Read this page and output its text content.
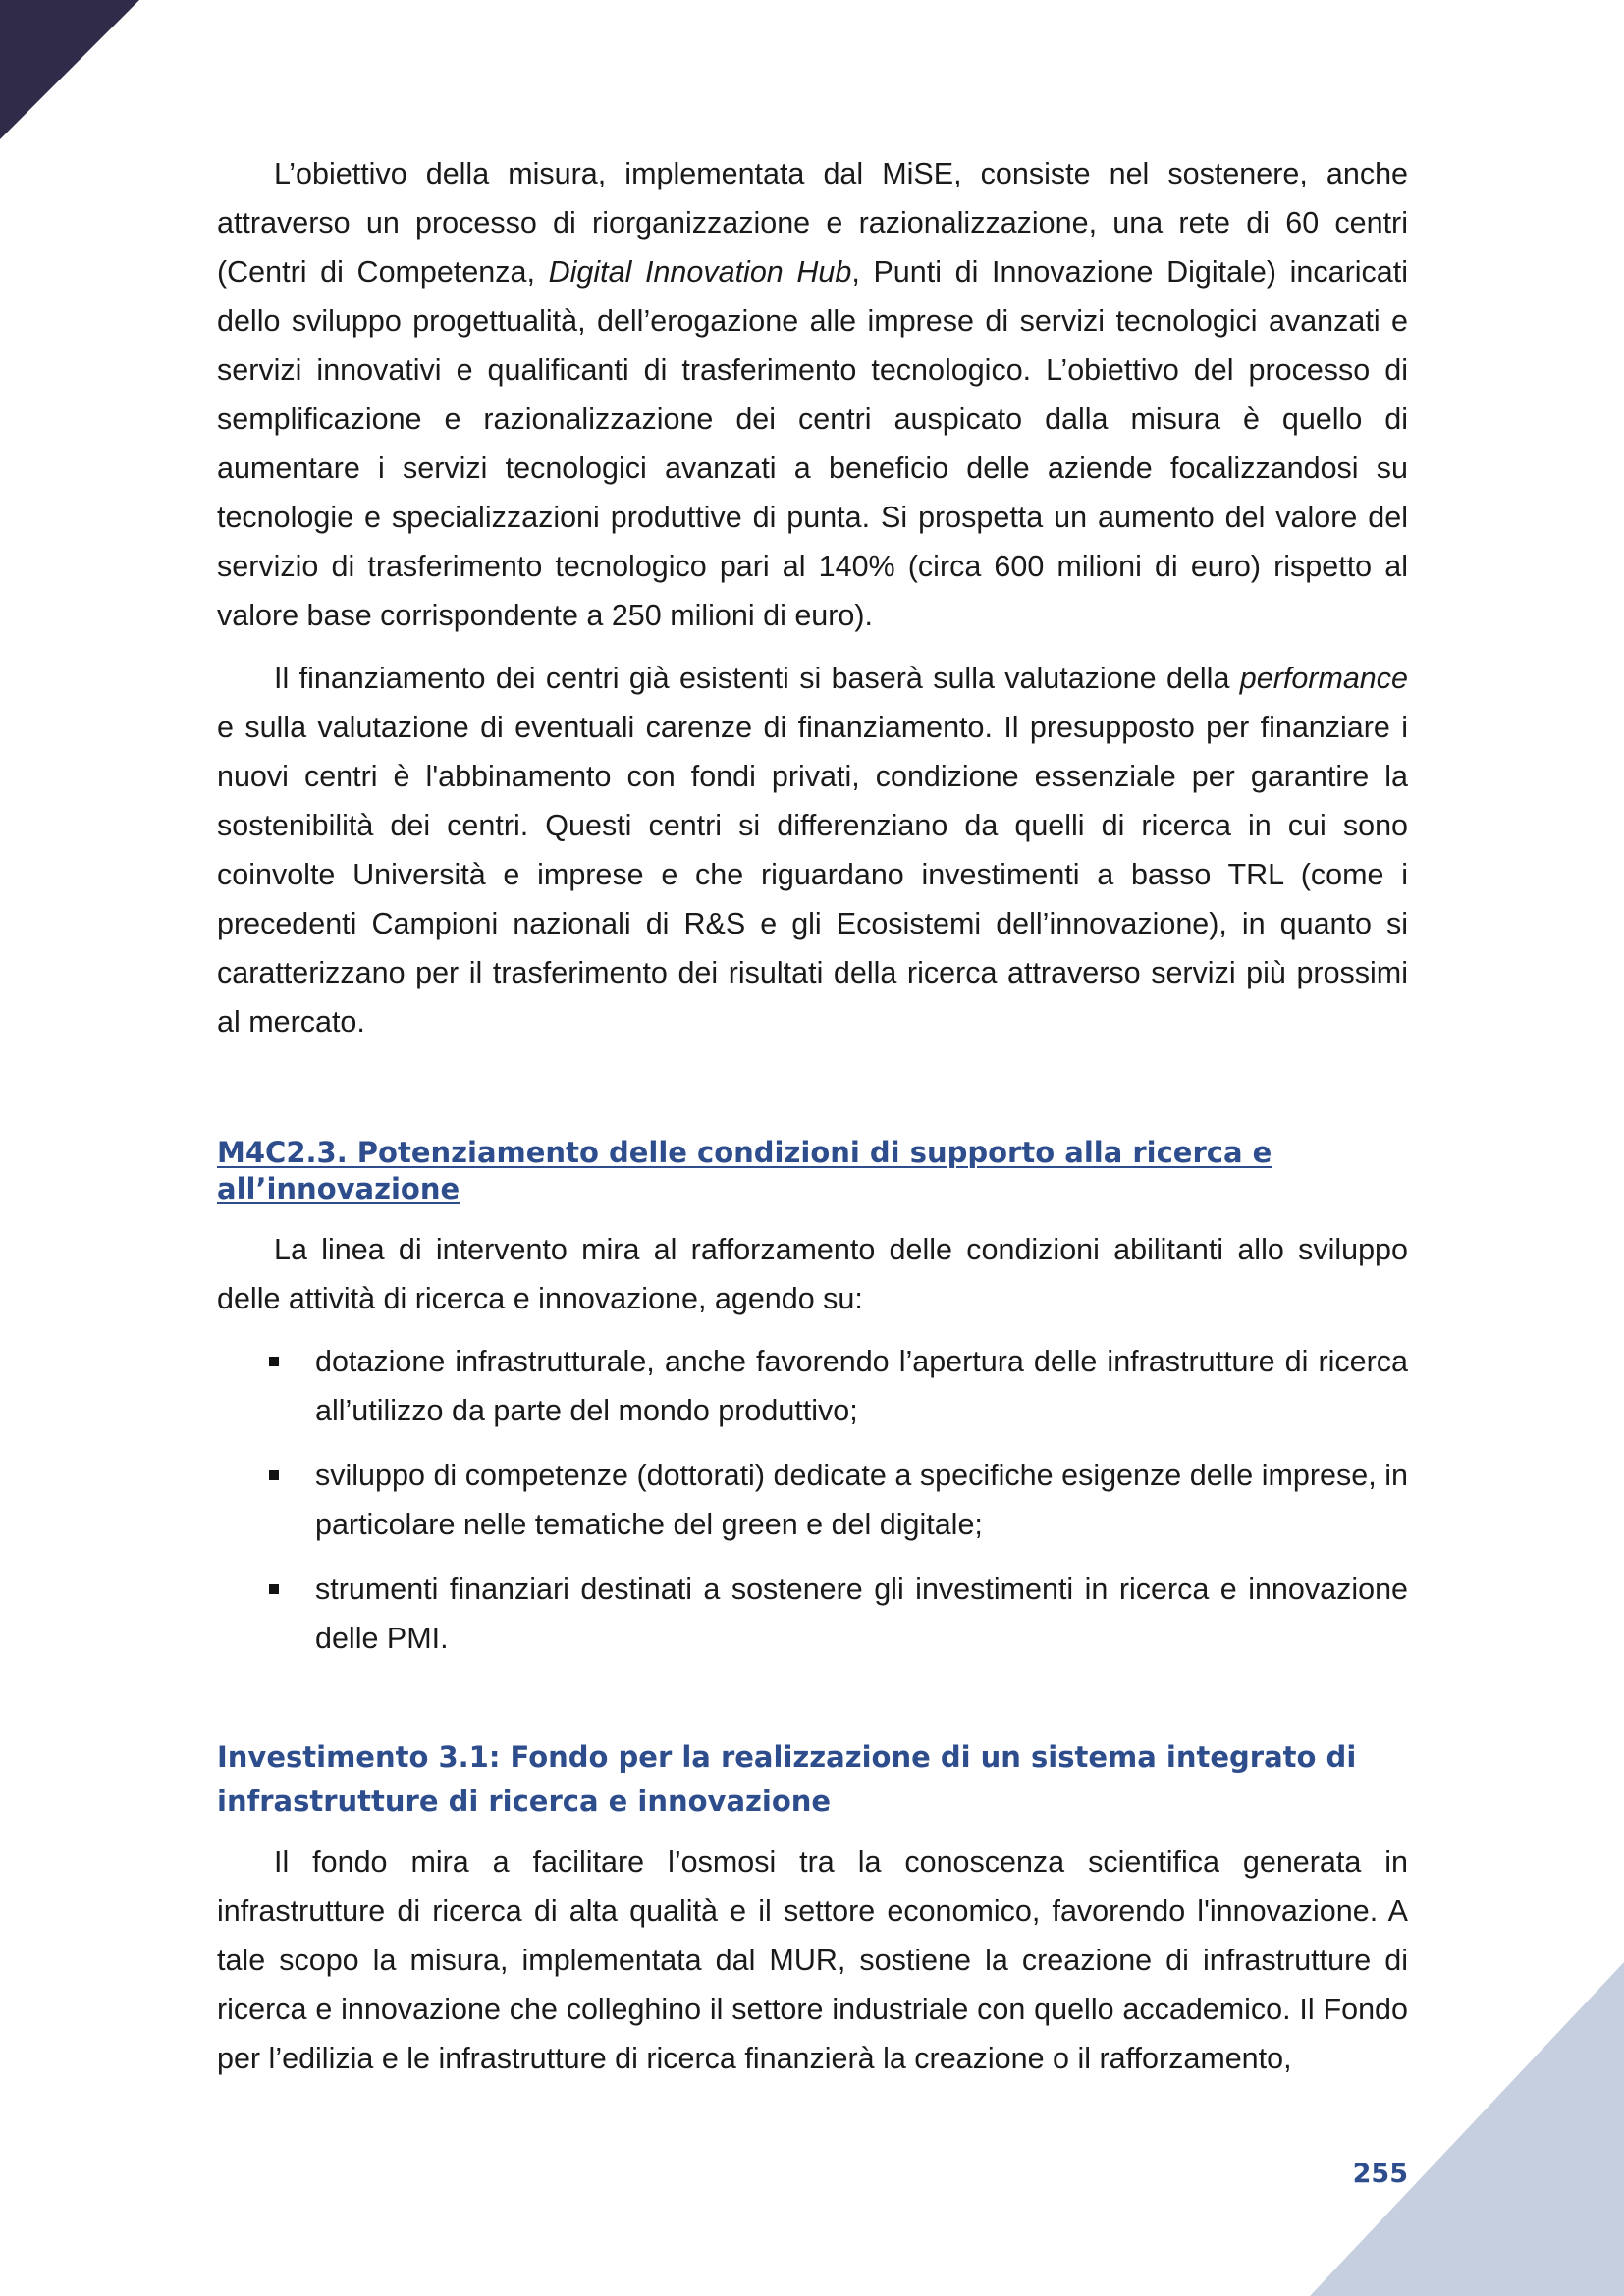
L’obiettivo della misura, implementata dal MiSE, consiste nel sostenere, anche attraverso un processo di riorganizzazione e razionalizzazione, una rete di 60 centri (Centri di Competenza, Digital Innovation Hub, Punti di Innovazione Digitale) incaricati dello sviluppo progettualità, dell’erogazione alle imprese di servizi tecnologici avanzati e servizi innovativi e qualificanti di trasferimento tecnologico. L’obiettivo del processo di semplificazione e razionalizzazione dei centri auspicato dalla misura è quello di aumentare i servizi tecnologici avanzati a beneficio delle aziende focalizzandosi su tecnologie e specializzazioni produttive di punta. Si prospetta un aumento del valore del servizio di trasferimento tecnologico pari al 140% (circa 600 milioni di euro) rispetto al valore base corrispondente a 250 milioni di euro).

Il finanziamento dei centri già esistenti si baserà sulla valutazione della performance e sulla valutazione di eventuali carenze di finanziamento. Il presupposto per finanziare i nuovi centri è l'abbinamento con fondi privati, condizione essenziale per garantire la sostenibilità dei centri. Questi centri si differenziano da quelli di ricerca in cui sono coinvolte Università e imprese e che riguardano investimenti a basso TRL (come i precedenti Campioni nazionali di R&S e gli Ecosistemi dell’innovazione), in quanto si caratterizzano per il trasferimento dei risultati della ricerca attraverso servizi più prossimi al mercato.

M4C2.3. Potenziamento delle condizioni di supporto alla ricerca e all’innovazione

La linea di intervento mira al rafforzamento delle condizioni abilitanti allo sviluppo delle attività di ricerca e innovazione, agendo su:

dotazione infrastrutturale, anche favorendo l’apertura delle infrastrutture di ricerca all’utilizzo da parte del mondo produttivo;
sviluppo di competenze (dottorati) dedicate a specifiche esigenze delle imprese, in particolare nelle tematiche del green e del digitale;
strumenti finanziari destinati a sostenere gli investimenti in ricerca e innovazione delle PMI.
Investimento 3.1: Fondo per la realizzazione di un sistema integrato di
infrastrutture di ricerca e innovazione

Il fondo mira a facilitare l’osmosi tra la conoscenza scientifica generata in infrastrutture di ricerca di alta qualità e il settore economico, favorendo l'innovazione. A tale scopo la misura, implementata dal MUR, sostiene la creazione di infrastrutture di ricerca e innovazione che colleghino il settore industriale con quello accademico. Il Fondo per l’edilizia e le infrastrutture di ricerca finanzierà la creazione o il rafforzamento,

255
